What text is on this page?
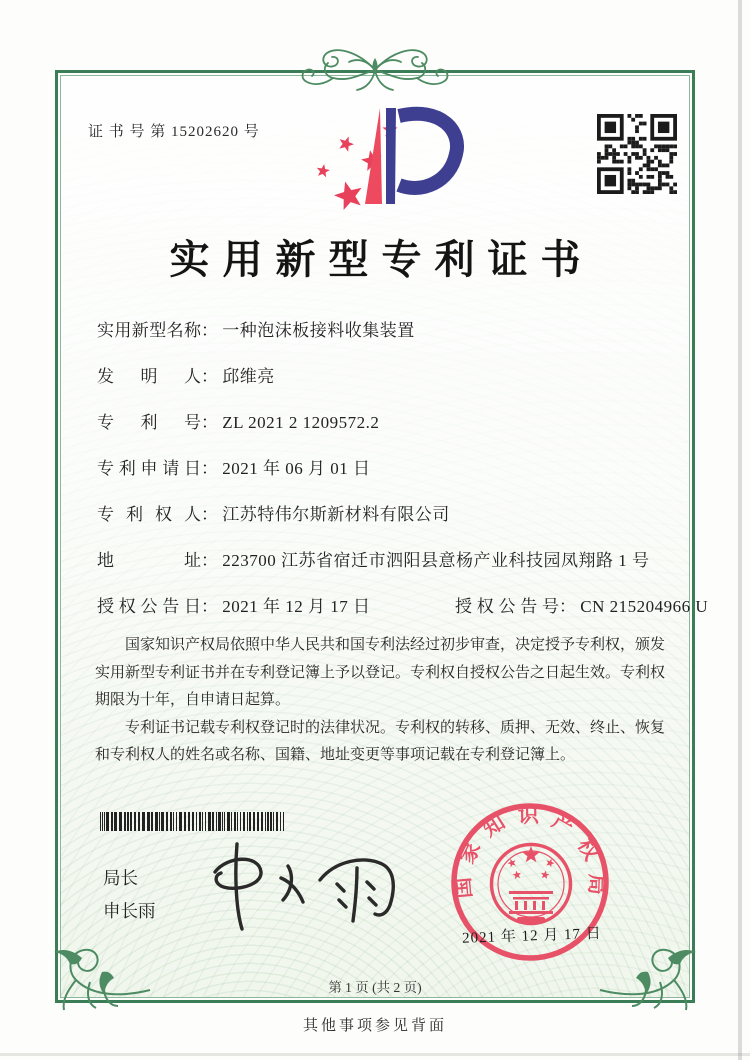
证 书 号 第 15202620 号
实用新型专利证书
实用新型名称： 一种泡沫板接料收集装置
发明人： 邱维亮
专利号： ZL 2021 2 1209572.2
专利申请日： 2021 年 06 月 01 日
专利权人： 江苏特伟尔斯新材料有限公司
地址： 223700 江苏省宿迁市泗阳县意杨产业科技园凤翔路 1 号
授权公告日： 2021 年 12 月 17 日	授权公告号： CN 215204966 U

国家知识产权局依照中华人民共和国专利法经过初步审查，决定授予专利权，颁发实用新型专利证书并在专利登记簿上予以登记。专利权自授权公告之日起生效。专利权期限为十年，自申请日起算。

专利证书记载专利权登记时的法律状况。专利权的转移、质押、无效、终止、恢复和专利权人的姓名或名称、国籍、地址变更等事项记载在专利登记簿上。

局长
申长雨
国家知识产权局
2021 年 12 月 17 日
第 1 页 (共 2 页)
其他事项参见背面
